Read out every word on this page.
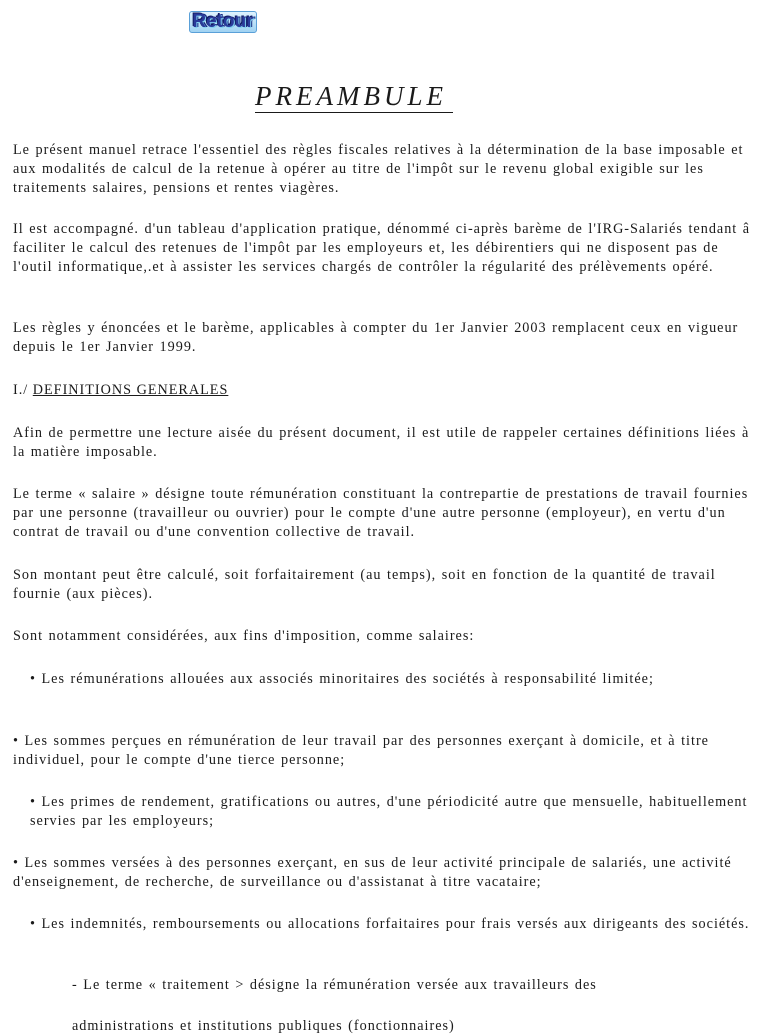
Retour
PREAMBULE

Le présent manuel retrace l'essentiel des règles fiscales relatives à la détermination de la base imposable et aux modalités de calcul de la retenue à opérer au titre de l'impôt sur le revenu global exigible sur les traitements salaires, pensions et rentes viagères.

Il est accompagné. d'un tableau d'application pratique, dénommé ci-après barème de l'IRG-Salariés tendant â faciliter le calcul des retenues de l'impôt par les employeurs et, les débirentiers qui ne disposent pas de l'outil informatique,.et à assister les services chargés de contrôler la régularité des prélèvements opéré.

Les règles y énoncées et le barème, applicables à compter du 1er Janvier 2003 remplacent ceux en vigueur depuis le 1er Janvier 1999.

I./ DEFINITIONS GENERALES

Afin de permettre une lecture aisée du présent document, il est utile de rappeler certaines définitions liées à la matière imposable.

Le terme « salaire » désigne toute rémunération constituant la contrepartie de prestations de travail fournies par une personne (travailleur ou ouvrier) pour le compte d'une autre personne (employeur), en vertu d'un contrat de travail ou d'une convention collective de travail.

Son montant peut être calculé, soit forfaitairement (au temps), soit en fonction de la quantité de travail fournie (aux pièces).

Sont notamment considérées, aux fins d'imposition, comme salaires:

• Les rémunérations allouées aux associés minoritaires des sociétés à responsabilité limitée;

• Les sommes perçues en rémunération de leur travail par des personnes exerçant à domicile, et à titre individuel, pour le compte d'une tierce personne;

• Les primes de rendement, gratifications ou autres, d'une périodicité autre que mensuelle, habituellement servies par les employeurs;

• Les sommes versées à des personnes exerçant, en sus de leur activité principale de salariés, une activité d'enseignement, de recherche, de surveillance ou d'assistanat à titre vacataire;

• Les indemnités, remboursements ou allocations forfaitaires pour frais versés aux dirigeants des sociétés.

- Le terme « traitement > désigne la rémunération versée aux travailleurs des

administrations et institutions publiques (fonctionnaires)
